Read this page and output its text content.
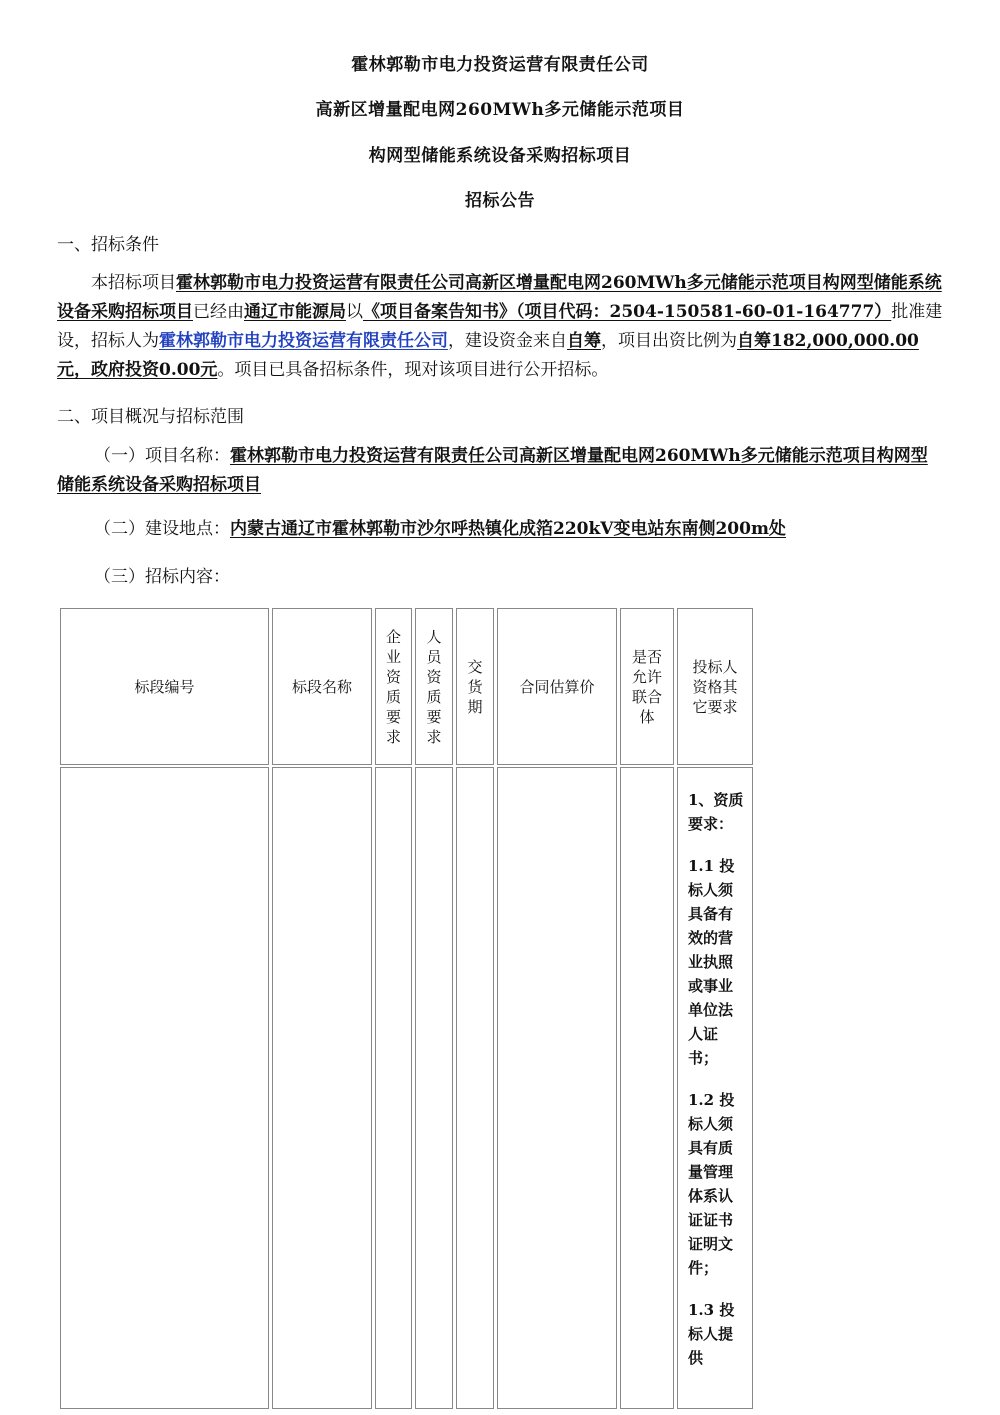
霍林郭勒市电力投资运营有限责任公司
高新区增量配电网260MWh多元储能示范项目
构网型储能系统设备采购招标项目
招标公告
一、招标条件
本招标项目霍林郭勒市电力投资运营有限责任公司高新区增量配电网260MWh多元储能示范项目构网型储能系统设备采购招标项目已经由通辽市能源局以《项目备案告知书》（项目代码：2504-150581-60-01-164777）批准建设，招标人为霍林郭勒市电力投资运营有限责任公司，建设资金来自自筹，项目出资比例为自筹182,000,000.00元，政府投资0.00元。项目已具备招标条件，现对该项目进行公开招标。
二、项目概况与招标范围
（一）项目名称：霍林郭勒市电力投资运营有限责任公司高新区增量配电网260MWh多元储能示范项目构网型储能系统设备采购招标项目
（二）建设地点：内蒙古通辽市霍林郭勒市沙尔呼热镇化成箔220kV变电站东南侧200m处
（三）招标内容：
标段编号	标段名称	企业资质要求	人员资质要求	交货期	合同估算价	是否允许联合体	投标人资格其它要求

							1、资质要求：

1.1 投标人须具备有效的营业执照或事业单位法人证书；

1.2 投标人须具有质量管理体系认证证书证明文件；

1.3 投标人提供
